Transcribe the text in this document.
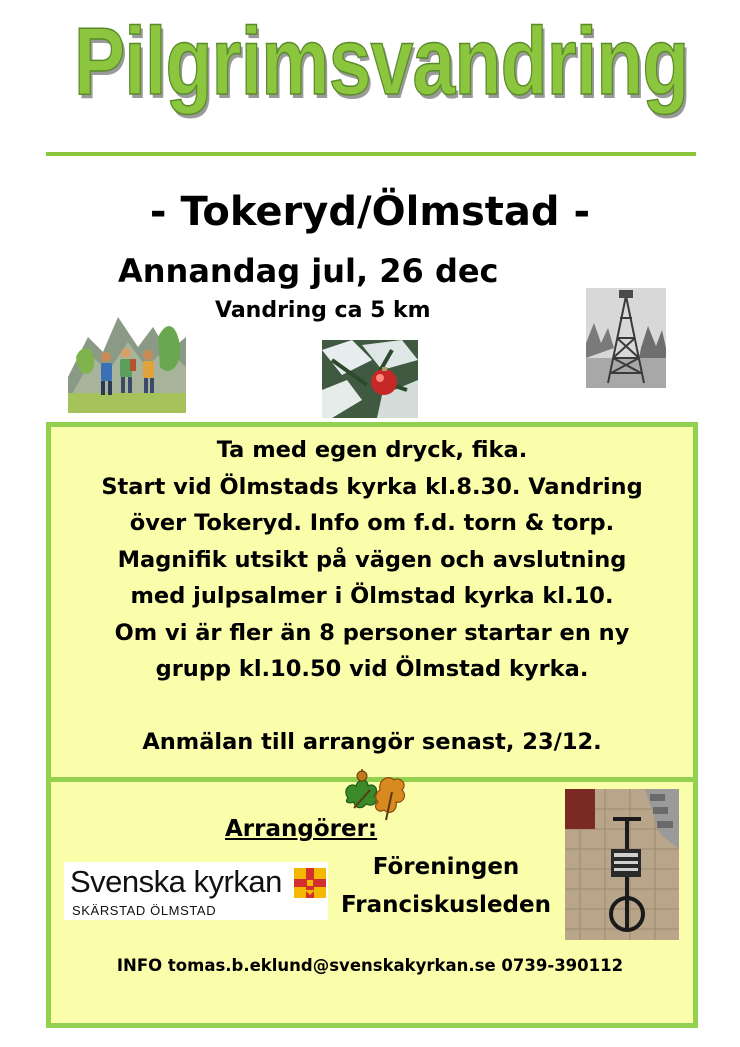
Pilgrimsvandring
- Tokeryd/Ölmstad -
Annandag jul, 26 dec
Vandring ca 5 km
Ta med egen dryck, fika.
Start vid Ölmstads kyrka kl.8.30. Vandring
över Tokeryd. Info om f.d. torn & torp.
Magnifik utsikt på vägen och avslutning
med julpsalmer i Ölmstad kyrka kl.10.
Om vi är fler än 8 personer startar en ny
grupp kl.10.50 vid Ölmstad kyrka.
Anmälan till arrangör senast, 23/12.
Arrangörer:
Svenska kyrkan
SKÄRSTAD ÖLMSTAD
Föreningen
Franciskusleden
INFO tomas.b.eklund@svenskakyrkan.se 0739-390112
